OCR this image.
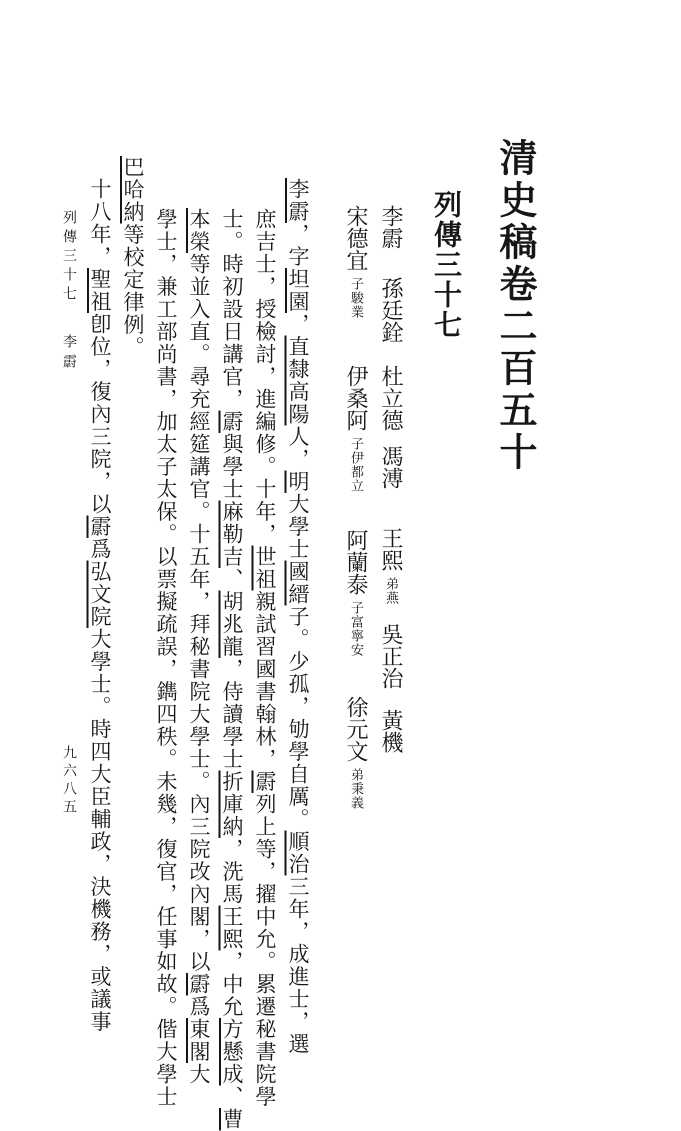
清史稿卷二百五十
列傳三十七
李霨
孫廷銓
杜立德
馮溥
王熙弟燕
吳正治
黃機
宋德宜子駿業
伊桑阿子伊都立
阿蘭泰子富寧安
徐元文弟秉義
李霨，字坦園，直隸高陽人，明大學士國縉子。少孤，劬學自厲。順治三年，成進士，選
庶吉士，授檢討，進編修。十年，世祖親試習國書翰林，霨列上等，擢中允。累遷秘書院學
士。時初設日講官，霨與學士麻勒吉、胡兆龍，侍讀學士折庫納，洗馬王熙，中允方懸成、曹
本榮等並入直。尋充經筵講官。十五年，拜秘書院大學士。內三院改內閣，以霨爲東閣大
學士，兼工部尚書，加太子太保。以票擬疏誤，鐫四秩。未幾，復官，任事如故。偕大學士
巴哈納等校定律例。
十八年，聖祖卽位，復內三院，以霨爲弘文院大學士。時四大臣輔政，決機務，或議事
列傳三十七
李霨
九六八五
